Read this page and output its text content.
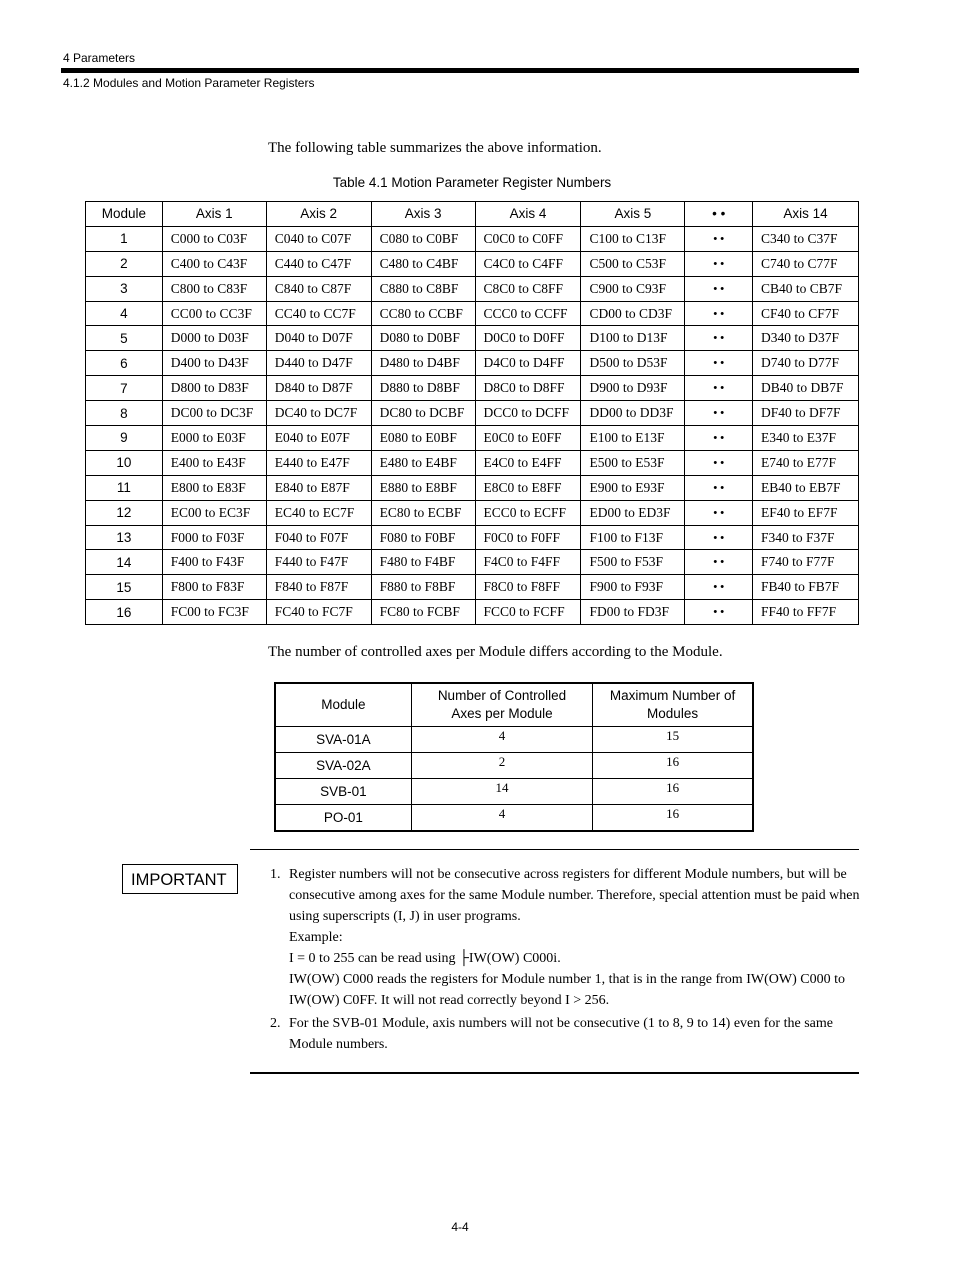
4 Parameters
4.1.2 Modules and Motion Parameter Registers
The following table summarizes the above information.
Table 4.1 Motion Parameter Register Numbers
Module	Axis 1	Axis 2	Axis 3	Axis 4	Axis 5	• •	Axis 14
1	C000 to C03F	C040 to C07F	C080 to C0BF	C0C0 to C0FF	C100 to C13F	• •	C340 to C37F
2	C400 to C43F	C440 to C47F	C480 to C4BF	C4C0 to C4FF	C500 to C53F	• •	C740 to C77F
3	C800 to C83F	C840 to C87F	C880 to C8BF	C8C0 to C8FF	C900 to C93F	• •	CB40 to CB7F
4	CC00 to CC3F	CC40 to CC7F	CC80 to CCBF	CCC0 to CCFF	CD00 to CD3F	• •	CF40 to CF7F
5	D000 to D03F	D040 to D07F	D080 to D0BF	D0C0 to D0FF	D100 to D13F	• •	D340 to D37F
6	D400 to D43F	D440 to D47F	D480 to D4BF	D4C0 to D4FF	D500 to D53F	• •	D740 to D77F
7	D800 to D83F	D840 to D87F	D880 to D8BF	D8C0 to D8FF	D900 to D93F	• •	DB40 to DB7F
8	DC00 to DC3F	DC40 to DC7F	DC80 to DCBF	DCC0 to DCFF	DD00 to DD3F	• •	DF40 to DF7F
9	E000 to E03F	E040 to E07F	E080 to E0BF	E0C0 to E0FF	E100 to E13F	• •	E340 to E37F
10	E400 to E43F	E440 to E47F	E480 to E4BF	E4C0 to E4FF	E500 to E53F	• •	E740 to E77F
11	E800 to E83F	E840 to E87F	E880 to E8BF	E8C0 to E8FF	E900 to E93F	• •	EB40 to EB7F
12	EC00 to EC3F	EC40 to EC7F	EC80 to ECBF	ECC0 to ECFF	ED00 to ED3F	• •	EF40 to EF7F
13	F000 to F03F	F040 to F07F	F080 to F0BF	F0C0 to F0FF	F100 to F13F	• •	F340 to F37F
14	F400 to F43F	F440 to F47F	F480 to F4BF	F4C0 to F4FF	F500 to F53F	• •	F740 to F77F
15	F800 to F83F	F840 to F87F	F880 to F8BF	F8C0 to F8FF	F900 to F93F	• •	FB40 to FB7F
16	FC00 to FC3F	FC40 to FC7F	FC80 to FCBF	FCC0 to FCFF	FD00 to FD3F	• •	FF40 to FF7F
The number of controlled axes per Module differs according to the Module.
Module	Number of Controlled Axes per Module	Maximum Number of Modules
SVA-01A	4	15
SVA-02A	2	16
SVB-01	14	16
PO-01	4	16
IMPORTANT	1. Register numbers will not be consecutive across registers for different Module numbers, but will be consecutive among axes for the same Module number. Therefore, special attention must be paid when using superscripts (I, J) in user programs.

Example:

I = 0 to 255 can be read using ├IW(OW) C000i.

IW(OW) C000 reads the registers for Module number 1, that is in the range from IW(OW) C000 to IW(OW) C0FF. It will not read correctly beyond I > 256.

2. For the SVB-01 Module, axis numbers will not be consecutive (1 to 8, 9 to 14) even for the same Module numbers.

4-4
